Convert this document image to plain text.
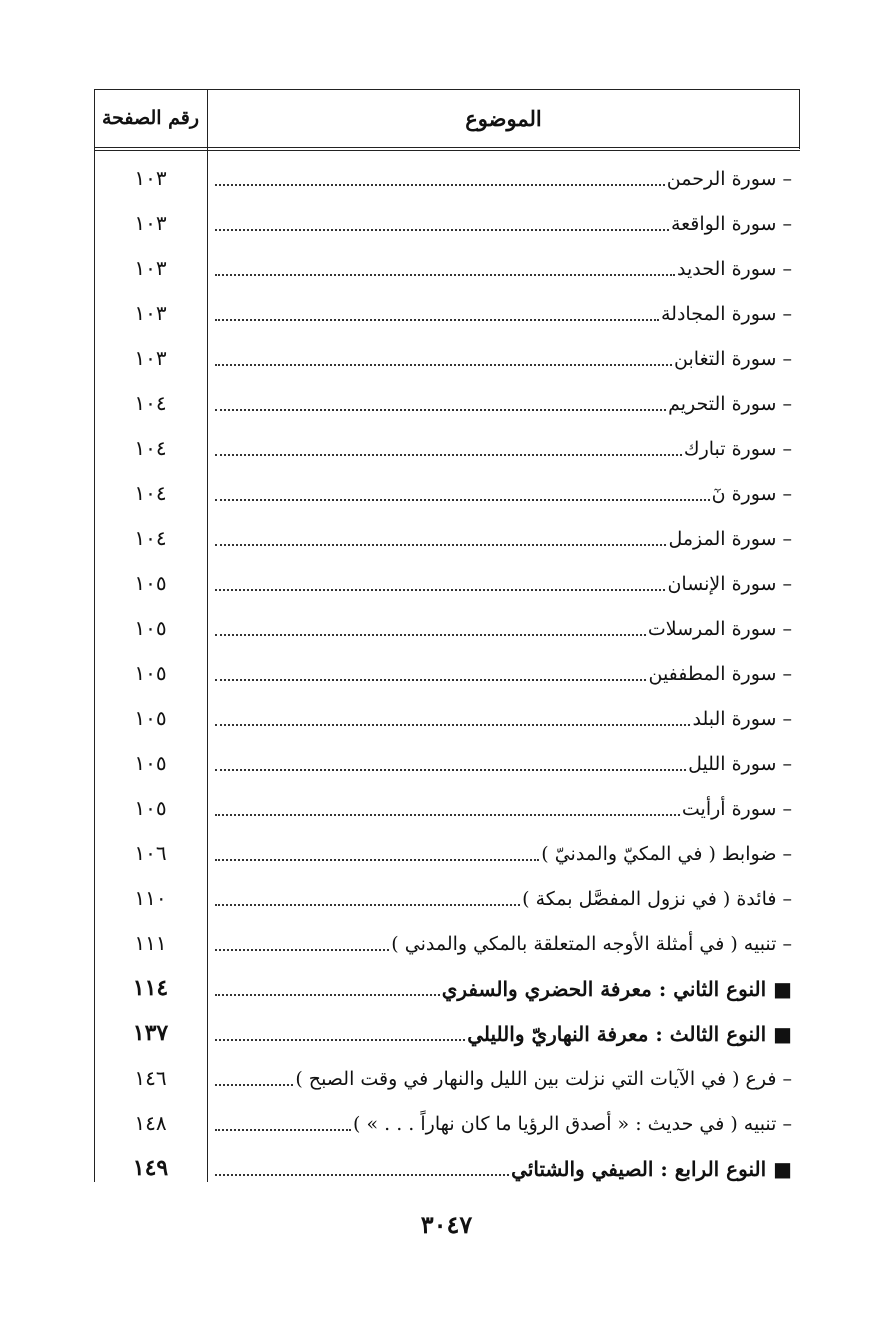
رقم الصفحة	الموضوع
١٠٣	– سورة الرحمن
١٠٣	– سورة الواقعة
١٠٣	– سورة الحديد
١٠٣	– سورة المجادلة
١٠٣	– سورة التغابن
١٠٤	– سورة التحريم
١٠٤	– سورة تبارك
١٠٤	– سورة نٓ
١٠٤	– سورة المزمل
١٠٥	– سورة الإنسان
١٠٥	– سورة المرسلات
١٠٥	– سورة المطففين
١٠٥	– سورة البلد
١٠٥	– سورة الليل
١٠٥	– سورة أرأيت
١٠٦	– ضوابط ( في المكيّ والمدنيّ )
١١٠	– فائدة ( في نزول المفصَّل بمكة )
١١١	– تنبيه ( في أمثلة الأوجه المتعلقة بالمكي والمدني )
١١٤	■ النوع الثاني : معرفة الحضري والسفري
١٣٧	■ النوع الثالث : معرفة النهاريّ والليلي
١٤٦	– فرع ( في الآيات التي نزلت بين الليل والنهار في وقت الصبح )
١٤٨	– تنبيه ( في حديث : « أصدق الرؤيا ما كان نهاراً . . . » )
١٤٩	■ النوع الرابع : الصيفي والشتائي
٣٠٤٧
